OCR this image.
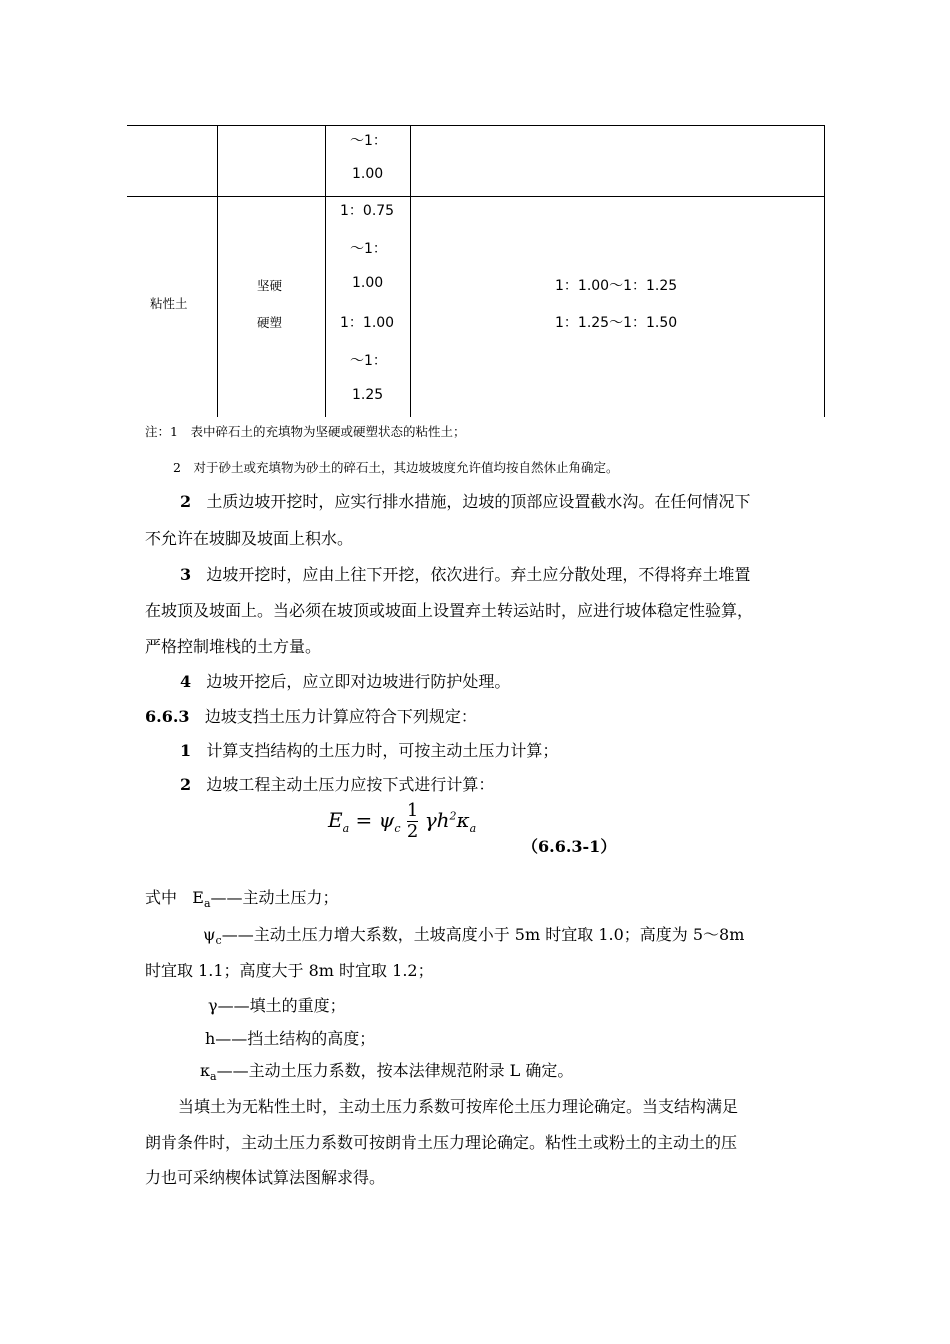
～1：
1.00
粘性土
坚硬
硬塑
1：0.75
～1：
1.00
1：1.00
～1：
1.25
1：1.00～1：1.25
1：1.25～1：1.50
注：1　表中碎石土的充填物为坚硬或硬塑状态的粘性土；
2　对于砂土或充填物为砂土的碎石土，其边坡坡度允许值均按自然休止角确定。
2 土质边坡开挖时，应实行排水措施，边坡的顶部应设置截水沟。在任何情况下
不允许在坡脚及坡面上积水。
3 边坡开挖时，应由上往下开挖，依次进行。弃土应分散处理，不得将弃土堆置
在坡顶及坡面上。当必须在坡顶或坡面上设置弃土转运站时，应进行坡体稳定性验算，
严格控制堆栈的土方量。
4 边坡开挖后，应立即对边坡进行防护处理。
6.6.3 边坡支挡土压力计算应符合下列规定：
1 计算支挡结构的土压力时，可按主动土压力计算；
2 边坡工程主动土压力应按下式进行计算：
$E_a = \psi_c \frac{1}{2} \gamma h^2\kappa_a$
（6.6.3-1）
式中 $E_a——$主动土压力；
$\psi_c——$主动土压力增大系数，土坡高度小于 5m 时宜取 1.0；高度为 5～8m
时宜取 1.1；高度大于 8m 时宜取 1.2；
γ——填土的重度；
h——挡土结构的高度；
$\kappa_a——$主动土压力系数，按本法律规范附录 L 确定。
当填土为无粘性土时，主动土压力系数可按库伦土压力理论确定。当支结构满足
朗肯条件时，主动土压力系数可按朗肯土压力理论确定。粘性土或粉土的主动土的压
力也可采纳楔体试算法图解求得。
